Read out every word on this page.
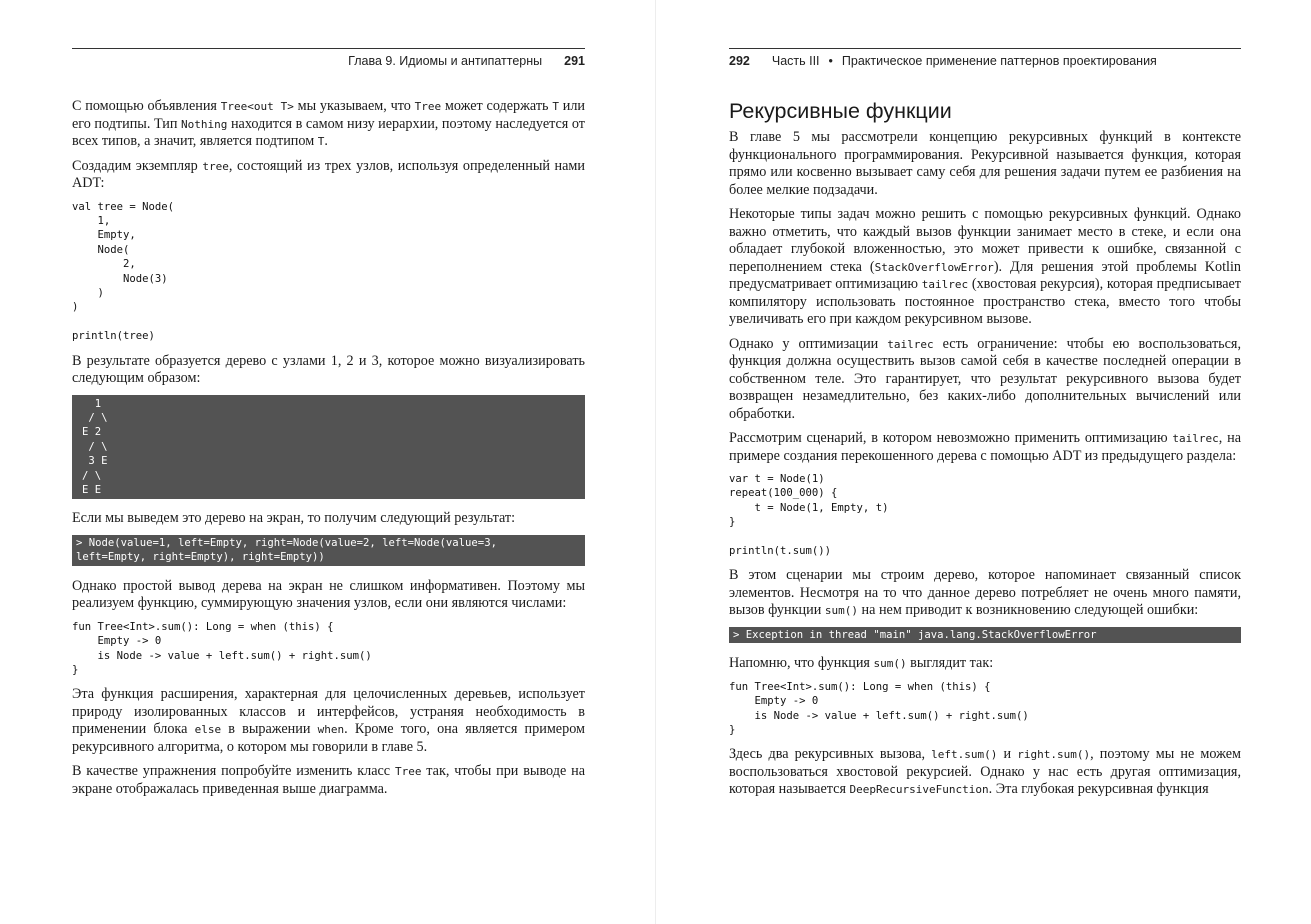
Глава 9. Идиомы и антипаттерны 291

С помощью объявления Tree<out T> мы указываем, что Tree может содержать T или его подтипы. Тип Nothing находится в самом низу иерархии, поэтому наследуется от всех типов, а значит, является подтипом T.

Создадим экземпляр tree, состоящий из трех узлов, используя определенный нами ADT:

val tree = Node(
1,
Empty,
Node(
2,
Node(3)
)
)

println(tree)

В результате образуется дерево с узлами 1, 2 и 3, которое можно визуализировать следующим образом:

1
/ \
E 2
/ \
3 E
/ \
E E

Если мы выведем это дерево на экран, то получим следующий результат:

> Node(value=1, left=Empty, right=Node(value=2, left=Node(value=3,
left=Empty, right=Empty), right=Empty))

Однако простой вывод дерева на экран не слишком информативен. Поэтому мы реализуем функцию, суммирующую значения узлов, если они являются числами:

fun Tree<Int>.sum(): Long = when (this) {
Empty -> 0
is Node -> value + left.sum() + right.sum()
}

Эта функция расширения, характерная для целочисленных деревьев, использует природу изолированных классов и интерфейсов, устраняя необходимость в применении блока else в выражении when. Кроме того, она является примером рекурсивного алгоритма, о котором мы говорили в главе 5.

В качестве упражнения попробуйте изменить класс Tree так, чтобы при выводе на экране отображалась приведенная выше диаграмма.

292 Часть III • Практическое применение паттернов проектирования
Рекурсивные функции

В главе 5 мы рассмотрели концепцию рекурсивных функций в контексте функционального программирования. Рекурсивной называется функция, которая прямо или косвенно вызывает саму себя для решения задачи путем ее разбиения на более мелкие подзадачи.

Некоторые типы задач можно решить с помощью рекурсивных функций. Однако важно отметить, что каждый вызов функции занимает место в стеке, и если она обладает глубокой вложенностью, это может привести к ошибке, связанной с переполнением стека (StackOverflowError). Для решения этой проблемы Kotlin предусматривает оптимизацию tailrec (хвостовая рекурсия), которая предписывает компилятору использовать постоянное пространство стека, вместо того чтобы увеличивать его при каждом рекурсивном вызове.

Однако у оптимизации tailrec есть ограничение: чтобы ею воспользоваться, функция должна осуществить вызов самой себя в качестве последней операции в собственном теле. Это гарантирует, что результат рекурсивного вызова будет возвращен незамедлительно, без каких-либо дополнительных вычислений или обработки.

Рассмотрим сценарий, в котором невозможно применить оптимизацию tailrec, на примере создания перекошенного дерева с помощью ADT из предыдущего раздела:

var t = Node(1)
repeat(100_000) {
t = Node(1, Empty, t)
}

println(t.sum())

В этом сценарии мы строим дерево, которое напоминает связанный список элементов. Несмотря на то что данное дерево потребляет не очень много памяти, вызов функции sum() на нем приводит к возникновению следующей ошибки:

> Exception in thread "main" java.lang.StackOverflowError

Напомню, что функция sum() выглядит так:

fun Tree<Int>.sum(): Long = when (this) {
Empty -> 0
is Node -> value + left.sum() + right.sum()
}

Здесь два рекурсивных вызова, left.sum() и right.sum(), поэтому мы не можем воспользоваться хвостовой рекурсией. Однако у нас есть другая оптимизация, которая называется DeepRecursiveFunction. Эта глубокая рекурсивная функция
